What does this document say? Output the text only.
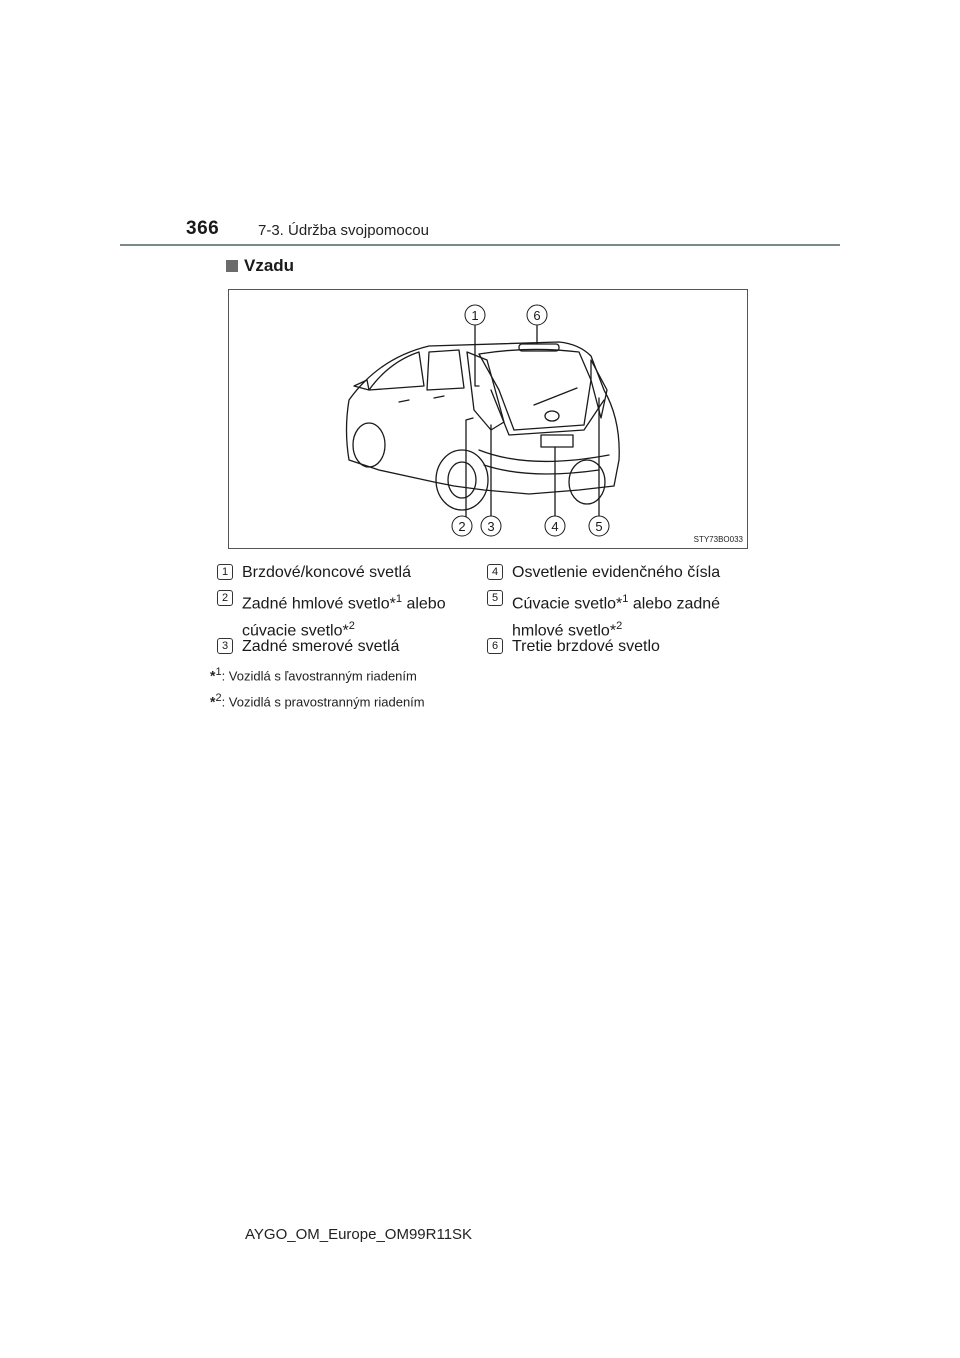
366	7-3. Údržba svojpomocou
Vzadu
1	6
2 3	4	5
STY73BO033
1 Brzdové/koncové svetlá
2 Zadné hmlové svetlo*$^1$ alebo
cúvacie svetlo*$^2$
3 Zadné smerové svetlá
4 Osvetlenie evidenčného čísla
5 Cúvacie svetlo*$^1$ alebo zadné
hmlové svetlo*$^2$
6 Tretie brzdové svetlo
*$^1$: Vozidlá s ľavostranným riadením
*$^2$: Vozidlá s pravostranným riadením
AYGO_OM_Europe_OM99R11SK
